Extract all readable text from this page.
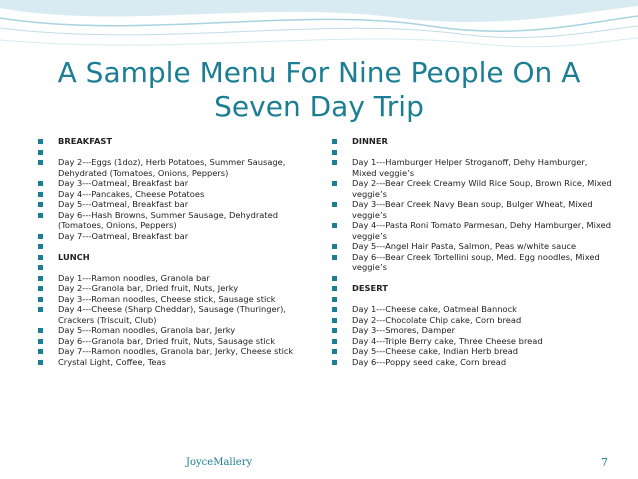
A Sample Menu For Nine People On A Seven Day Trip
BREAKFAST
Day 2---Eggs (1doz), Herb Potatoes, Summer Sausage, Dehydrated (Tomatoes, Onions, Peppers)
Day 3---Oatmeal, Breakfast bar
Day 4---Pancakes, Cheese Potatoes
Day 5---Oatmeal, Breakfast bar
Day 6---Hash Browns, Summer Sausage, Dehydrated (Tomatoes, Onions, Peppers)
Day 7---Oatmeal, Breakfast bar
LUNCH
Day 1---Ramon noodles, Granola bar
Day 2---Granola bar, Dried fruit, Nuts, Jerky
Day 3---Roman noodles, Cheese stick, Sausage stick
Day 4---Cheese (Sharp Cheddar), Sausage (Thuringer), Crackers (Triscuit, Club)
Day 5---Roman noodles, Granola bar, Jerky
Day 6---Granola bar, Dried fruit, Nuts, Sausage stick
Day 7---Ramon noodles, Granola bar, Jerky, Cheese stick
Crystal Light, Coffee, Teas
DINNER
Day 1---Hamburger Helper Stroganoff, Dehy Hamburger, Mixed veggie’s
Day 2---Bear Creek Creamy Wild Rice Soup, Brown Rice, Mixed veggie’s
Day 3---Bear Creek Navy Bean soup, Bulger Wheat, Mixed veggie’s
Day 4---Pasta Roni Tomato Parmesan, Dehy Hamburger, Mixed veggie’s
Day 5---Angel Hair Pasta, Salmon, Peas w/white sauce
Day 6---Bear Creek Tortellini soup, Med. Egg noodles, Mixed veggie’s
DESERT
Day 1---Cheese cake, Oatmeal Bannock
Day 2---Chocolate Chip cake, Corn bread
Day 3---Smores, Damper
Day 4---Triple Berry cake, Three Cheese bread
Day 5---Cheese cake, Indian Herb bread
Day 6---Poppy seed cake, Corn bread
JoyceMallery	7
